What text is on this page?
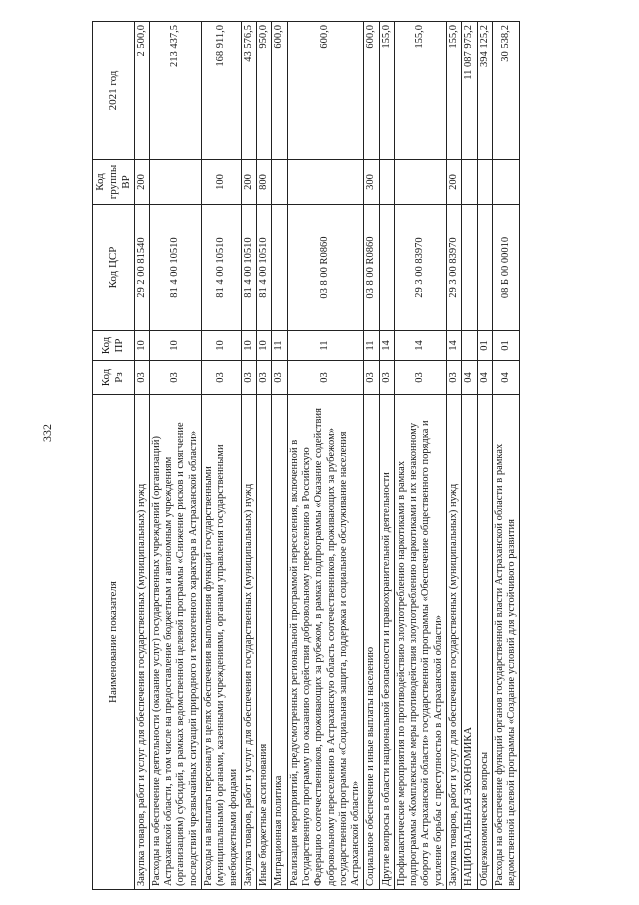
332
Наименование показателя	Код Рз	Код ПР	Код ЦСР	Код группы ВР	2021 год
Закупка товаров, работ и услуг для обеспечения государственных (муниципальных) нужд	03	10	29 2 00 81540	200	2 500,0
Расходы на обеспечение деятельности (оказание услуг) государственных учреждений (организаций) Астраханской области, в том числе на предоставление бюджетным и автономным учреждениям (организациям) субсидий, в рамках ведомственной целевой программы «Снижение рисков и смягчение последствий чрезвычайных ситуаций природного и техногенного характера в Астраханской области»	03	10	81 4 00 10510		213 437,5
Расходы на выплаты персоналу в целях обеспечения выполнения функций государственными (муниципальными) органами, казенными учреждениями, органами управления государственными внебюджетными фондами	03	10	81 4 00 10510	100	168 911,0
Закупка товаров, работ и услуг для обеспечения государственных (муниципальных) нужд	03	10	81 4 00 10510	200	43 576,5
Иные бюджетные ассигнования	03	10	81 4 00 10510	800	950,0
Миграционная политика	03	11			600,0
Реализация мероприятий, предусмотренных региональной программой переселения, включенной в Государственную программу по оказанию содействия добровольному переселению в Российскую Федерацию соотечественников, проживающих за рубежом, в рамках подпрограммы «Оказание содействия добровольному переселению в Астраханскую область соотечественников, проживающих за рубежом» государственной программы «Социальная защита, поддержка и социальное обслуживание населения Астраханской области»	03	11	03 8 00 R0860		600,0
Социальное обеспечение и иные выплаты населению	03	11	03 8 00 R0860	300	600,0
Другие вопросы в области национальной безопасности и правоохранительной деятельности	03	14			155,0
Профилактические мероприятия по противодействию злоупотреблению наркотиками в рамках подпрограммы «Комплексные меры противодействия злоупотреблению наркотиками и их незаконному обороту в Астраханской области» государственной программы «Обеспечение общественного порядка и усиление борьбы с преступностью в Астраханской области»	03	14	29 3 00 83970		155,0
Закупка товаров, работ и услуг для обеспечения государственных (муниципальных) нужд	03	14	29 3 00 83970	200	155,0
НАЦИОНАЛЬНАЯ ЭКОНОМИКА	04				11 087 975,2
Общеэкономические вопросы	04	01			394 125,2
Расходы на обеспечение функций органов государственной власти Астраханской области в рамках ведомственной целевой программы «Создание условий для устойчивого развития	04	01	08 Б 00 00010		30 538,2
